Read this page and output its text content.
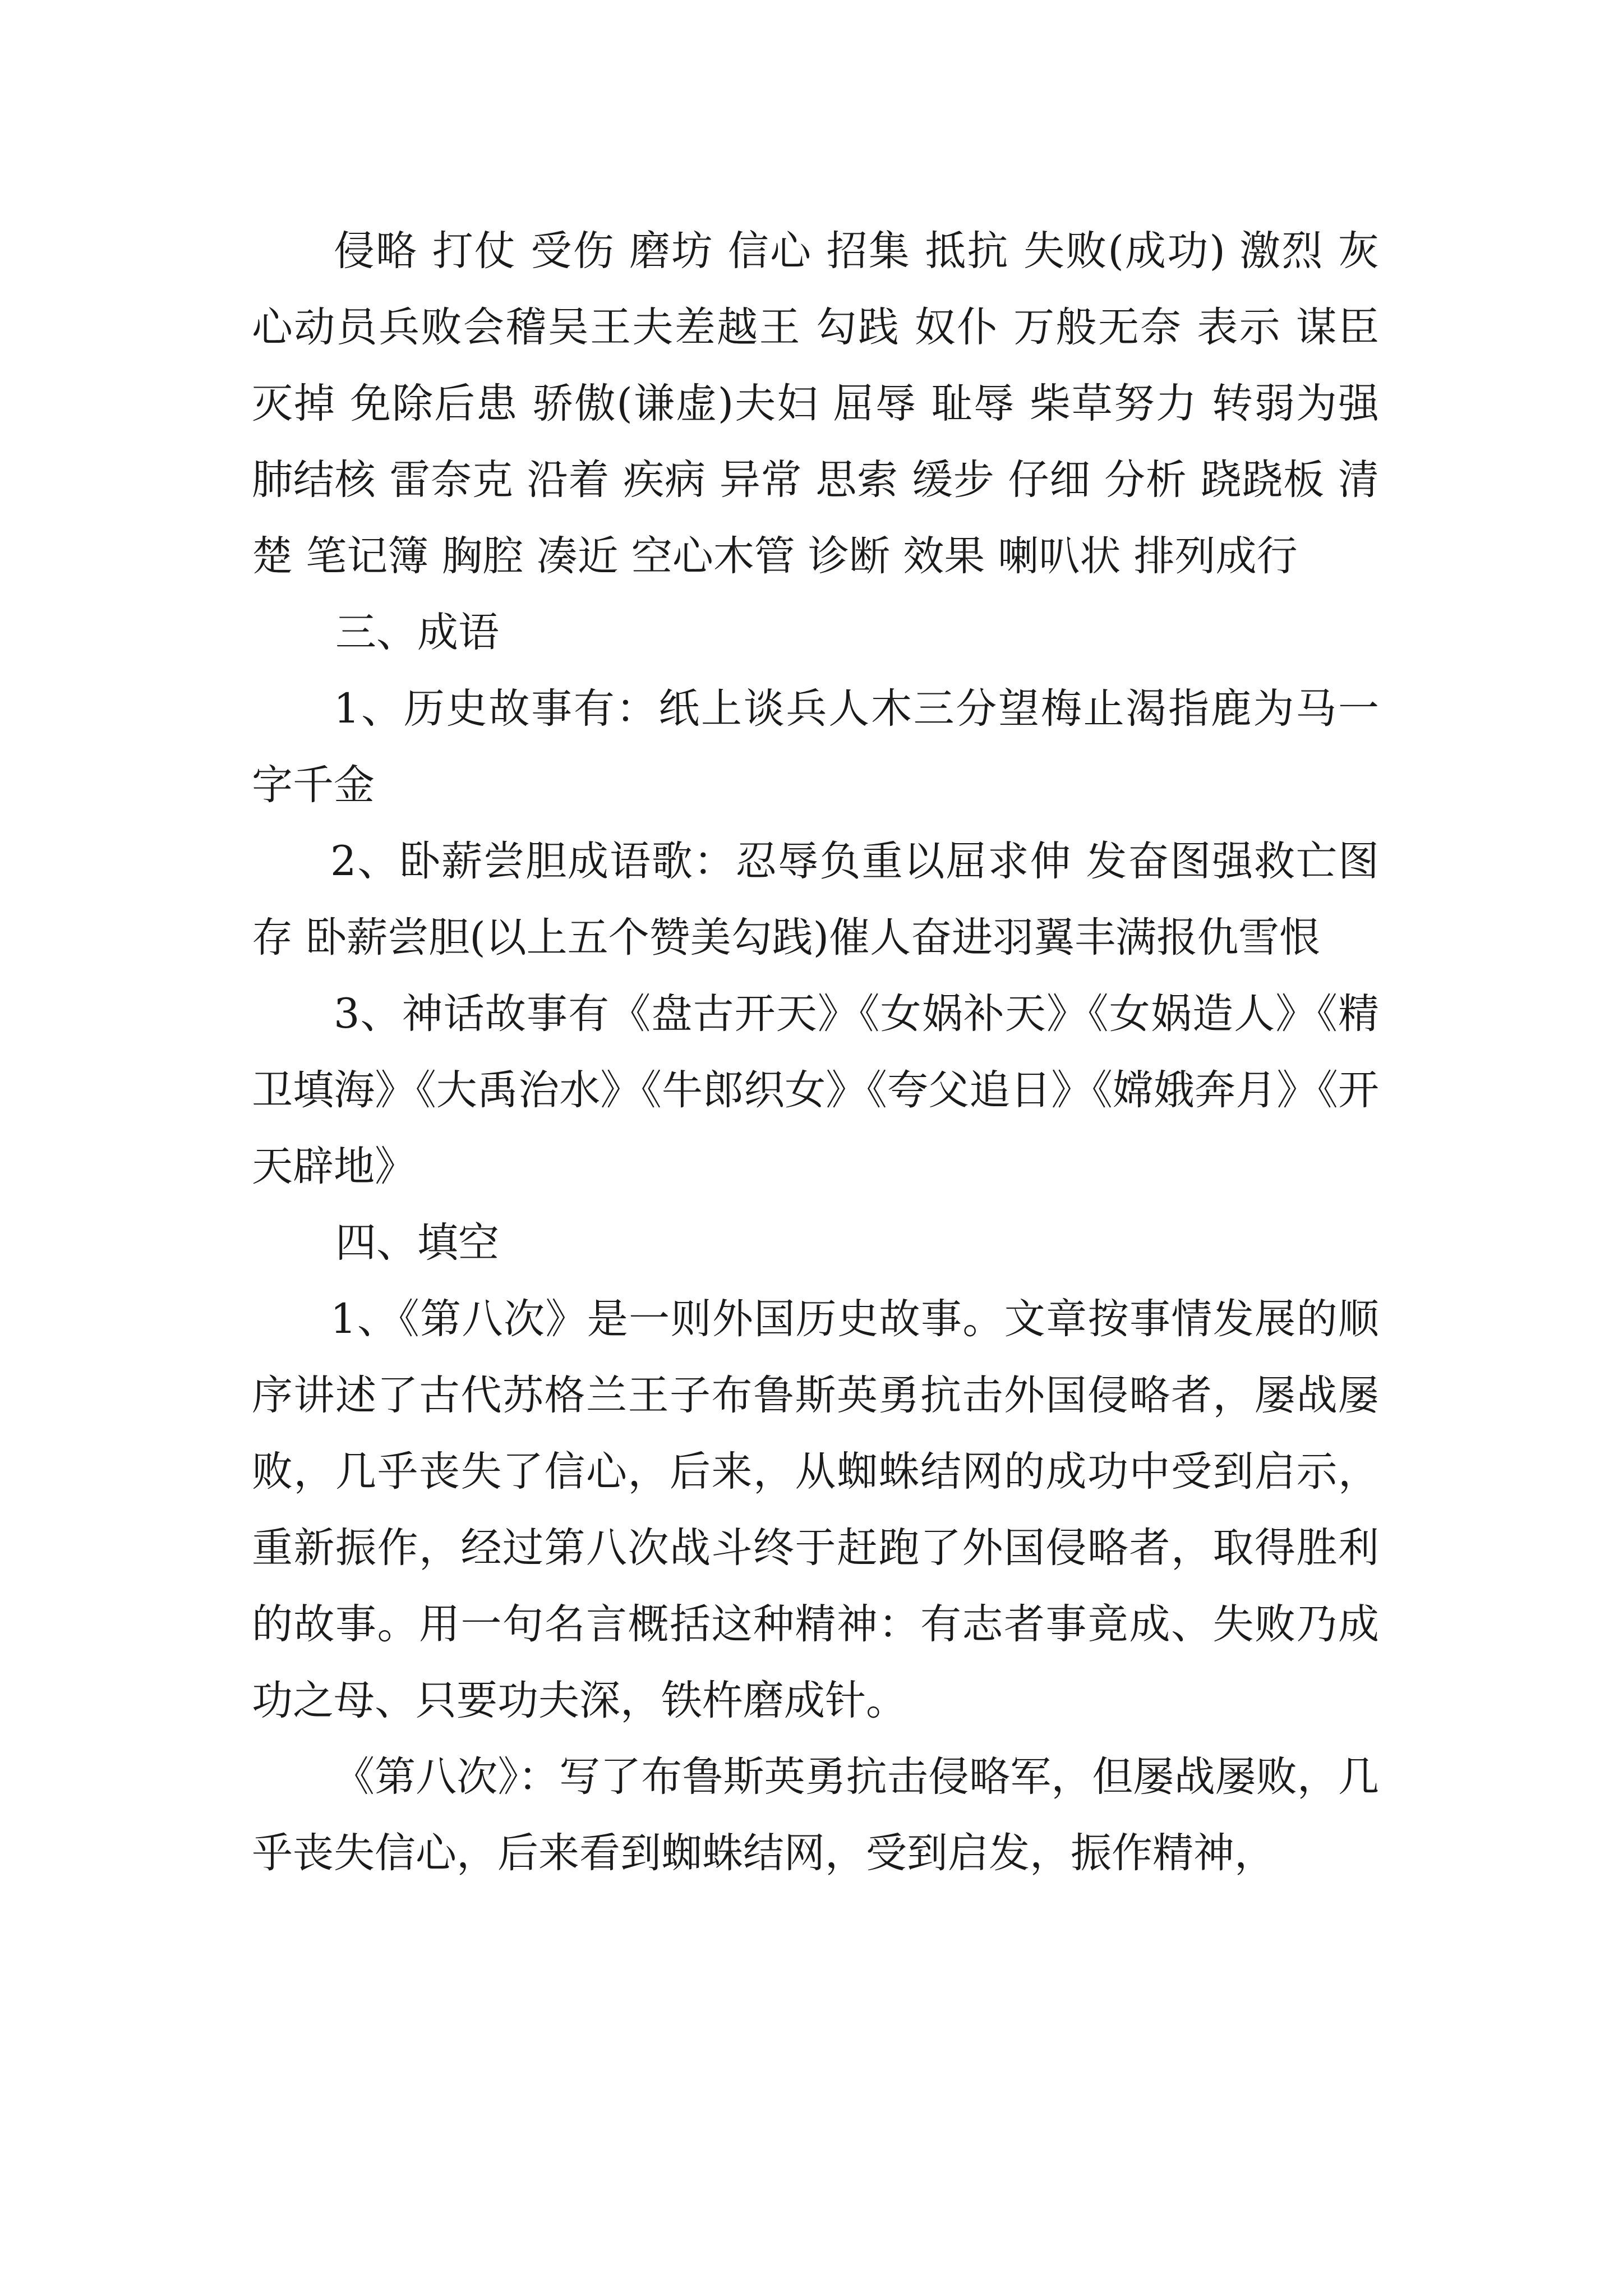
侵略 打仗 受伤 磨坊 信心 招集 抵抗 失败(成功) 激烈 灰心动员兵败会稽吴王夫差越王 勾践 奴仆 万般无奈 表示 谋臣 灭掉 免除后患 骄傲(谦虚)夫妇 屈辱 耻辱 柴草努力 转弱为强 肺结核 雷奈克 沿着 疾病 异常 思索 缓步 仔细 分析 跷跷板 清楚 笔记簿 胸腔 凑近 空心木管 诊断 效果 喇叭状 排列成行

三、成语

1、历史故事有：纸上谈兵人木三分望梅止渴指鹿为马一字千金

2、卧薪尝胆成语歌：忍辱负重以屈求伸 发奋图强救亡图存 卧薪尝胆(以上五个赞美勾践)催人奋进羽翼丰满报仇雪恨

3、神话故事有《盘古开天》《女娲补天》《女娲造人》《精卫填海》《大禹治水》《牛郎织女》《夸父追日》《嫦娥奔月》《开天辟地》

四、填空

1、《第八次》是一则外国历史故事。文章按事情发展的顺序讲述了古代苏格兰王子布鲁斯英勇抗击外国侵略者，屡战屡败，几乎丧失了信心，后来，从蜘蛛结网的成功中受到启示，重新振作，经过第八次战斗终于赶跑了外国侵略者，取得胜利的故事。用一句名言概括这种精神：有志者事竟成、失败乃成功之母、只要功夫深，铁杵磨成针。

《第八次》：写了布鲁斯英勇抗击侵略军，但屡战屡败，几乎丧失信心，后来看到蜘蛛结网，受到启发，振作精神，
